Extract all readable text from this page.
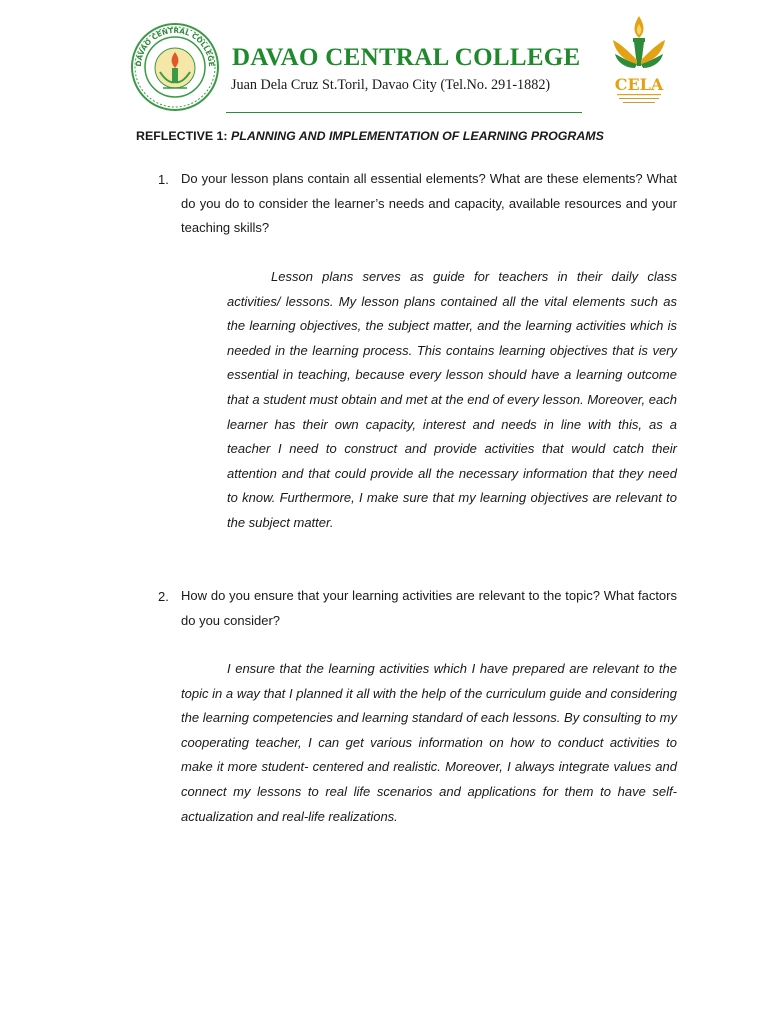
DAVAO CENTRAL COLLEGE DAVAO CENTRAL COLLEGE
Juan Dela Cruz St.Toril, Davao City (Tel.No. 291-1882)	CELA
REFLECTIVE 1: PLANNING AND IMPLEMENTATION OF LEARNING PROGRAMS
1. Do your lesson plans contain all essential elements? What are these elements? What do you do to consider the learner’s needs and capacity, available resources and your teaching skills?
Lesson plans serves as guide for teachers in their daily class activities/ lessons. My lesson plans contained all the vital elements such as the learning objectives, the subject matter, and the learning activities which is needed in the learning process. This contains learning objectives that is very essential in teaching, because every lesson should have a learning outcome that a student must obtain and met at the end of every lesson. Moreover, each learner has their own capacity, interest and needs in line with this, as a teacher I need to construct and provide activities that would catch their attention and that could provide all the necessary information that they need to know. Furthermore, I make sure that my learning objectives are relevant to the subject matter.
2. How do you ensure that your learning activities are relevant to the topic? What factors do you consider?
I ensure that the learning activities which I have prepared are relevant to the topic in a way that I planned it all with the help of the curriculum guide and considering the learning competencies and learning standard of each lessons. By consulting to my cooperating teacher, I can get various information on how to conduct activities to make it more student- centered and realistic. Moreover, I always integrate values and connect my lessons to real life scenarios and applications for them to have self-actualization and real-life realizations.
